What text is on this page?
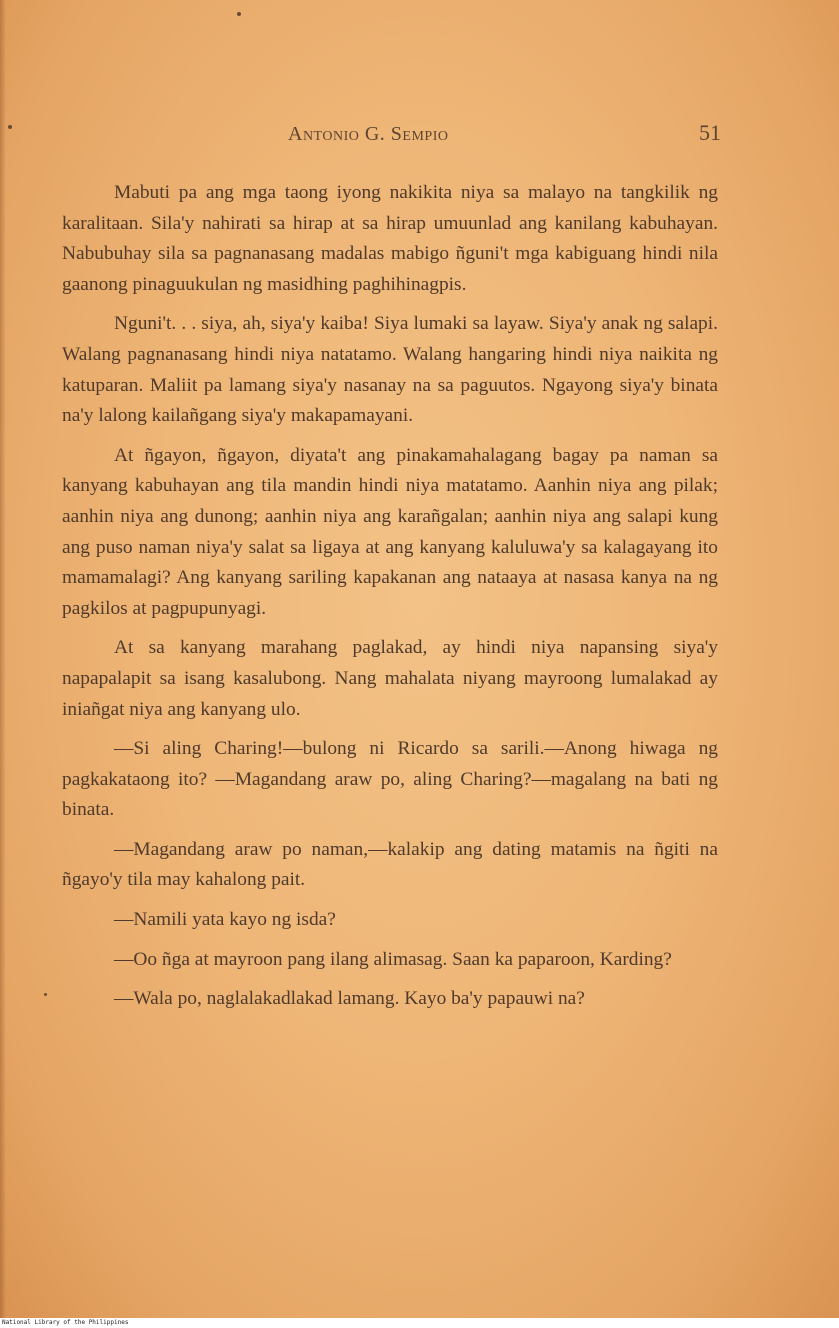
Antonio G. Sempio	51

Mabuti pa ang mga taong iyong nakikita niya sa malayo na tangkilik ng karalitaan. Sila'y nahirati sa hirap at sa hirap umuunlad ang kanilang kabuhayan. Nabubuhay sila sa pagnanasang madalas mabigo ñguni't mga kabiguang hindi nila gaanong pinaguukulan ng masidhing paghihinagpis.

Nguni't. . . siya, ah, siya'y kaiba! Siya lumaki sa layaw. Siya'y anak ng salapi. Walang pagnanasang hindi niya natatamo. Walang hangaring hindi niya naikita ng katuparan. Maliit pa lamang siya'y nasanay na sa paguutos. Ngayong siya'y binata na'y lalong kailañgang siya'y makapamayani.

At ñgayon, ñgayon, diyata't ang pinakamahalagang bagay pa naman sa kanyang kabuhayan ang tila mandin hindi niya matatamo. Aanhin niya ang pilak; aanhin niya ang dunong; aanhin niya ang karañgalan; aanhin niya ang salapi kung ang puso naman niya'y salat sa ligaya at ang kanyang kaluluwa'y sa kalagayang ito mamamalagi? Ang kanyang sariling kapakanan ang nataaya at nasasa kanya na ng pagkilos at pagpupunyagi.

At sa kanyang marahang paglakad, ay hindi niya napansing siya'y napapalapit sa isang kasalubong. Nang mahalata niyang mayroong lumalakad ay iniañgat niya ang kanyang ulo.

—Si aling Charing!—bulong ni Ricardo sa sarili.—Anong hiwaga ng pagkakataong ito? —Magandang araw po, aling Charing?—magalang na bati ng binata.

—Magandang araw po naman,—kalakip ang dating matamis na ñgiti na ñgayo'y tila may kahalong pait.

—Namili yata kayo ng isda?

—Oo ñga at mayroon pang ilang alimasag. Saan ka paparoon, Karding?

—Wala po, naglalakadlakad lamang. Kayo ba'y papauwi na?

National Library of the Philippines
